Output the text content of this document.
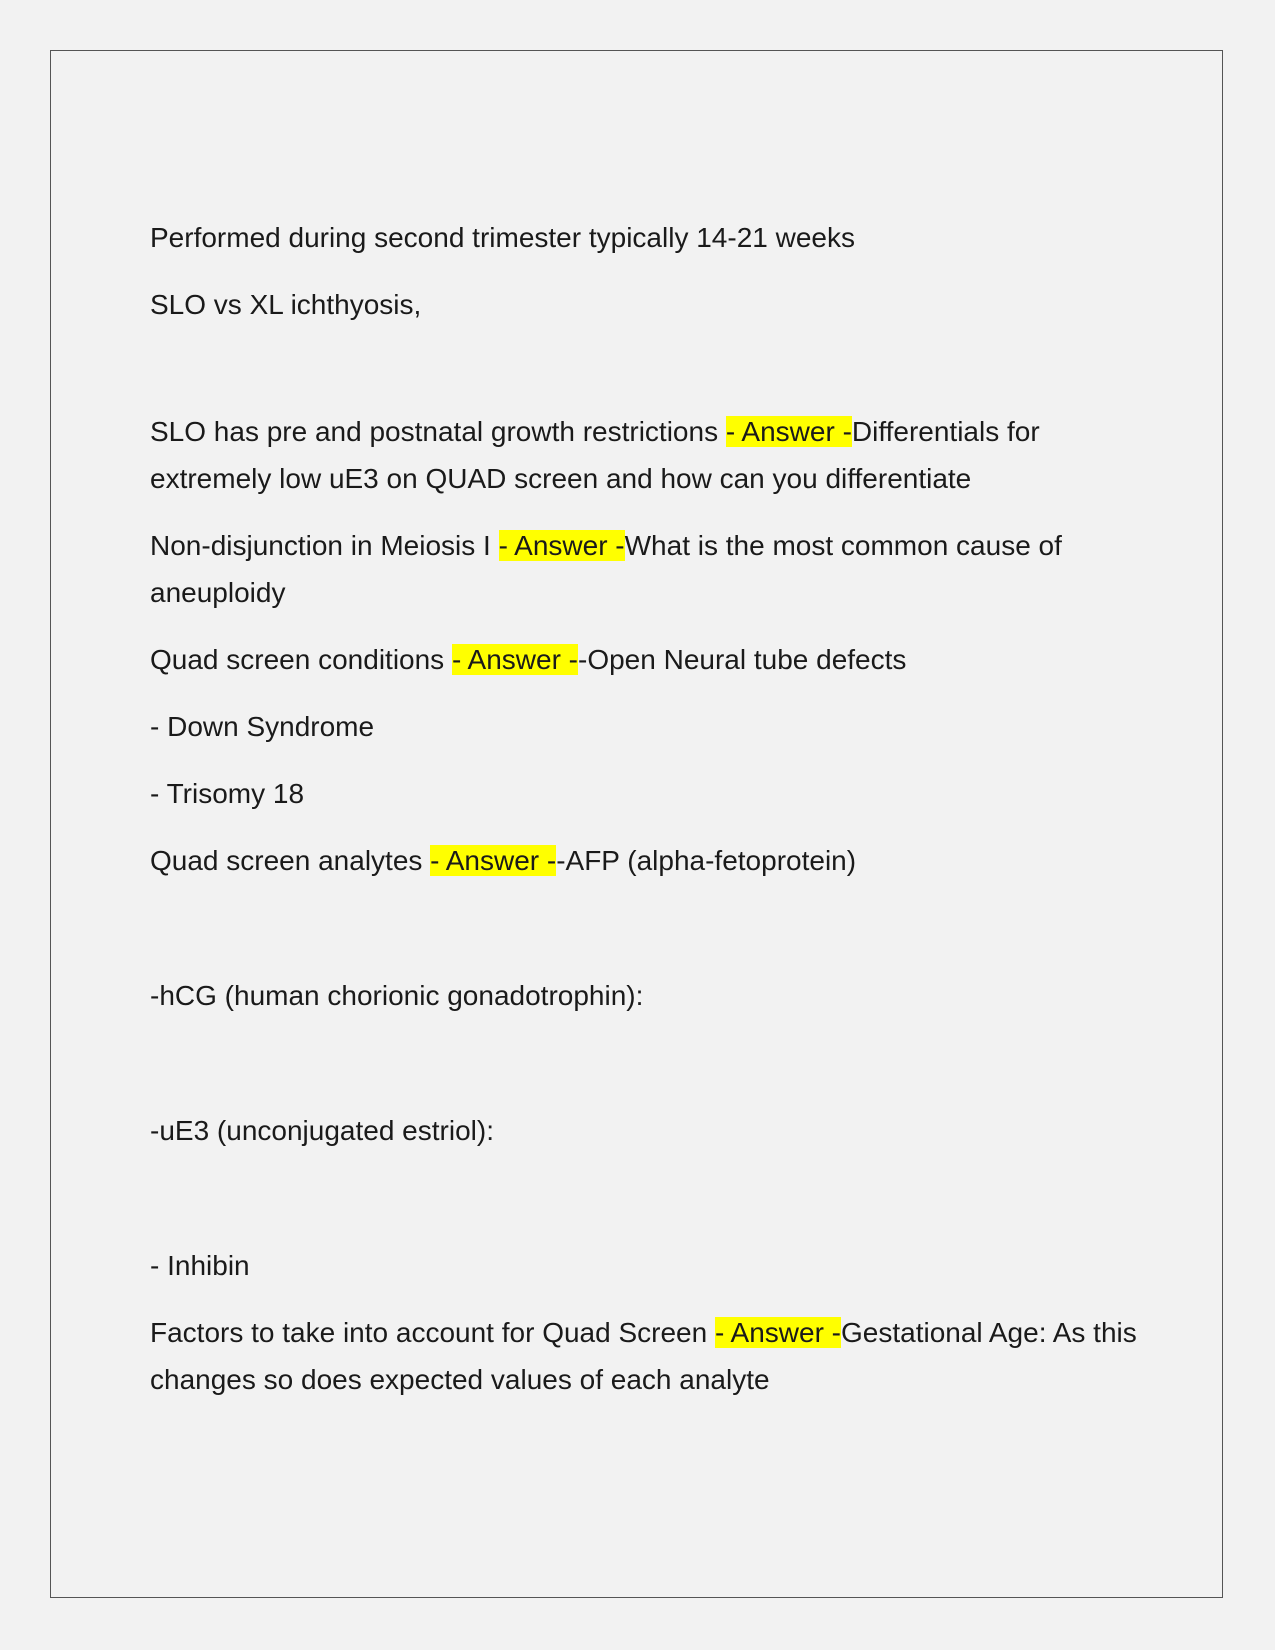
Performed during second trimester typically 14-21 weeks

SLO vs XL ichthyosis,

SLO has pre and postnatal growth restrictions - Answer -Differentials for extremely low uE3 on QUAD screen and how can you differentiate

Non-disjunction in Meiosis I - Answer -What is the most common cause of aneuploidy

Quad screen conditions - Answer --Open Neural tube defects

- Down Syndrome

- Trisomy 18

Quad screen analytes - Answer --AFP (alpha-fetoprotein)

-hCG (human chorionic gonadotrophin):

-uE3 (unconjugated estriol):

- Inhibin

Factors to take into account for Quad Screen - Answer -Gestational Age: As this changes so does expected values of each analyte
